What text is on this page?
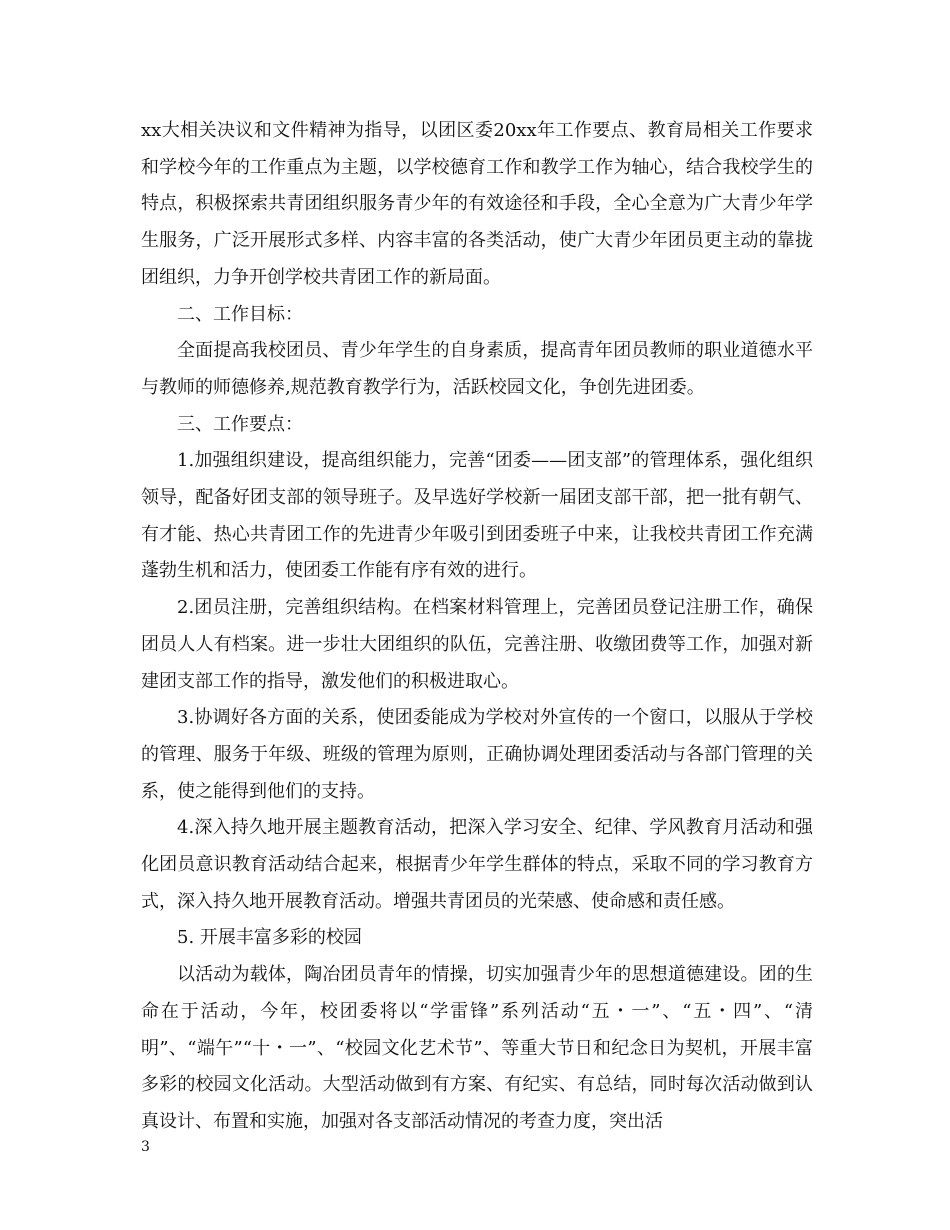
xx大相关决议和文件精神为指导，以团区委20xx年工作要点、教育局相关工作要求和学校今年的工作重点为主题，以学校德育工作和教学工作为轴心，结合我校学生的特点，积极探索共青团组织服务青少年的有效途径和手段，全心全意为广大青少年学生服务，广泛开展形式多样、内容丰富的各类活动，使广大青少年团员更主动的靠拢团组织，力争开创学校共青团工作的新局面。

二、工作目标：

全面提高我校团员、青少年学生的自身素质，提高青年团员教师的职业道德水平与教师的师德修养,规范教育教学行为，活跃校园文化，争创先进团委。

三、工作要点：

1.加强组织建设，提高组织能力，完善“团委——团支部”的管理体系，强化组织领导，配备好团支部的领导班子。及早选好学校新一届团支部干部，把一批有朝气、有才能、热心共青团工作的先进青少年吸引到团委班子中来，让我校共青团工作充满蓬勃生机和活力，使团委工作能有序有效的进行。

2.团员注册，完善组织结构。在档案材料管理上，完善团员登记注册工作，确保团员人人有档案。进一步壮大团组织的队伍，完善注册、收缴团费等工作，加强对新建团支部工作的指导，激发他们的积极进取心。

3.协调好各方面的关系，使团委能成为学校对外宣传的一个窗口，以服从于学校的管理、服务于年级、班级的管理为原则，正确协调处理团委活动与各部门管理的关系，使之能得到他们的支持。

4.深入持久地开展主题教育活动，把深入学习安全、纪律、学风教育月活动和强化团员意识教育活动结合起来，根据青少年学生群体的特点，采取不同的学习教育方式，深入持久地开展教育活动。增强共青团员的光荣感、使命感和责任感。

5. 开展丰富多彩的校园

以活动为载体，陶冶团员青年的情操，切实加强青少年的思想道德建设。团的生命在于活动，今年，校团委将以“学雷锋”系列活动“五・一”、“五・四”、“清明”、“端午”“十・一”、“校园文化艺术节”、等重大节日和纪念日为契机，开展丰富多彩的校园文化活动。大型活动做到有方案、有纪实、有总结，同时每次活动做到认真设计、布置和实施，加强对各支部活动情况的考查力度，突出活

3
